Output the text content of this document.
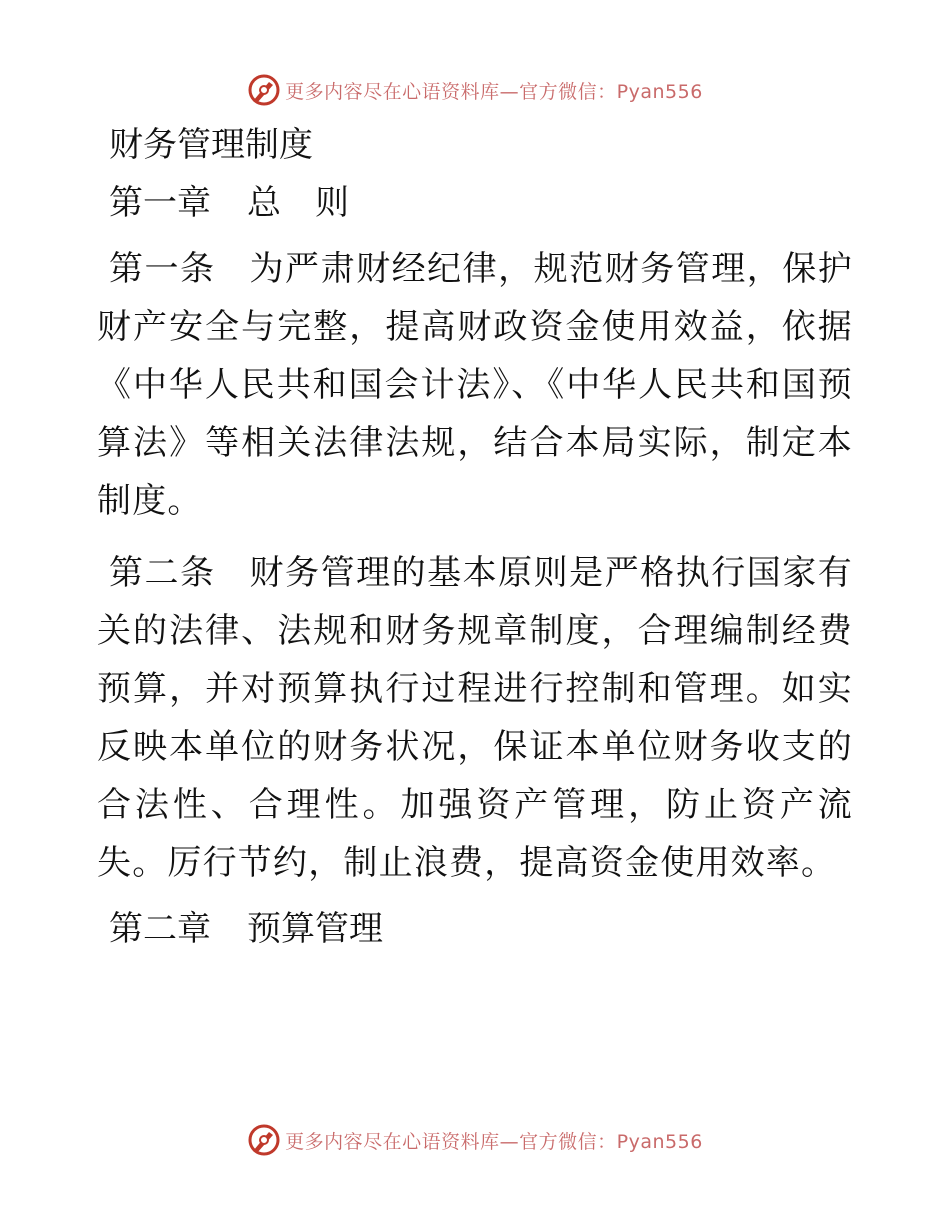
更多内容尽在心语资料库—官方微信：Pyan556
财务管理制度
第一章 总　则

第一条 为严肃财经纪律，规范财务管理，保护财产安全与完整，提高财政资金使用效益，依据《中华人民共和国会计法》、《中华人民共和国预算法》等相关法律法规，结合本局实际，制定本制度。

第二条 财务管理的基本原则是严格执行国家有关的法律、法规和财务规章制度，合理编制经费预算，并对预算执行过程进行控制和管理。如实反映本单位的财务状况，保证本单位财务收支的合法性、合理性。加强资产管理，防止资产流失。厉行节约，制止浪费，提高资金使用效率。

第二章 预算管理
更多内容尽在心语资料库—官方微信：Pyan556
